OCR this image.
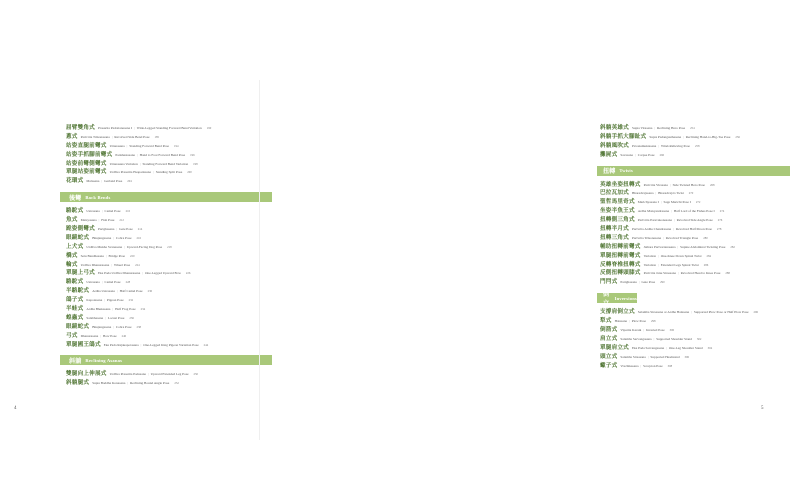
屈臂雙角式 Prasarita Padottanasana I | Wide-Legged Standing Forward Bend Variation 190
蔥式 Parivrtta Trikonasana | Revolved Side Bend Pose 185
站姿直腿前彎式 Uttanasana | Standing Forward Bend Pose 194
站姿手抓腳前彎式 Padahastasana | Hand to Foot Forward Bend Pose 196
站姿前彎側彎式 Uttanasana Variation | Standing Forward Bend Variation 198
單腿站姿前彎式 Urdhva Prasarita Ekapadasana | Standing Split Pose 200
花環式 Malasana | Garland Pose 204
後彎 Back Bends
駱駝式 Ustrasana | Camel Pose 210
魚式 Matsyasana | Fish Pose 212
跪姿側彎式 Parighasana | Gate Pose 214
眼鏡蛇式 Bhujangasana | Cobra Pose 216
上犬式 Urdhva Mukha Svanasana | Upward-Facing Dog Pose 218
橋式 Setu Bandhasana | Bridge Pose 220
輪式 Urdhva Dhanurasana | Wheel Pose 224
單腿上弓式 Eka Pada Urdhva Dhanurasana | One-Legged Upward Bow 226
駱駝式 Ustrasana | Camel Pose 228
半駱駝式 Ardha Ustrasana | Half Camel Pose 230
鴿子式 Kapotasana | Pigeon Pose 232
半蛙式 Ardha Bhekasana | Half Frog Pose 234
蝗蟲式 Salabhasana | Locust Pose 236
眼鏡蛇式 Bhujangasana | Cobra Pose 238
弓式 Dhanurasana | Bow Pose 240
單腿國王鴿式 Eka Pada Rajakapotasana | One-Legged King Pigeon Variation Pose 244
斜躺 Reclining Asanas
雙腿向上伸展式 Urdhva Prasarita Padasana | Upward Extended Leg Pose 250
斜躺腿式 Supta Baddha Konasana | Reclining Bound Angle Pose 252
4
斜躺英雄式 Supta Virasana | Reclining Hero Pose 254
斜躺手抓大腳趾式 Supta Padangusthasana | Reclining Hand-to-Big-Toe Pose 256
斜躺風吹式 Pavanamuktasana | Wind-Relieving Pose 258
攤屍式 Savasana | Corpse Pose 260
扭轉 Twists
英雄坐姿扭轉式 Parivrtta Virasana | Side Twisted Hero Pose 268
巴拉瓦加式 Bharadvajasana | Bharadvaja's Twist 270
聖哲馬里奇式 Marichyasana I | Sage Marichi Pose I 272
坐姿半魚王式 Ardha Matsyendrasana | Half Lord of the Fishes Pose I 274
扭轉側三角式 Parivrtta Parsvakonasana | Revolved Side Angle Pose 276
扭轉半月式 Parivrtta Ardha Chandrasana | Revolved Half Moon Pose 278
扭轉三角式 Parivrtta Trikonasana | Revolved Triangle Pose 280
輔助扭轉前彎式 Jathara Parivartanasana | Supine Abdominal Twisting Pose 282
單腿扭轉前彎式 Variation | One-Knee Down Spinal Twist 284
反轉脊椎扭轉式 Variation | Extended Legs Spinal Twist 286
反側扭轉頭膝式 Parivrtta Janu Sirsasana | Revolved Head to Knee Pose 288
門閂式 Parighasana | Gate Pose 290
倒立
Inversions
支撐肩倒立式 Salamba Sirsasana or Ardha Halasana | Supported Plow Pose or Half Plow Pose 296
犁式 Halasana | Plow Pose 298
倒箭式 Viparita Karani | Inverted Pose 300
肩立式 Salamba Sarvangasana | Supported Shoulder Stand 302
單腿肩立式 Eka Pada Sarvangasana | One-Leg Shoulder Stand 304
頭立式 Salamba Sirsasana | Supported Headstand 306
蠍子式 Vrschikasana | Scorpion Pose 308
5
